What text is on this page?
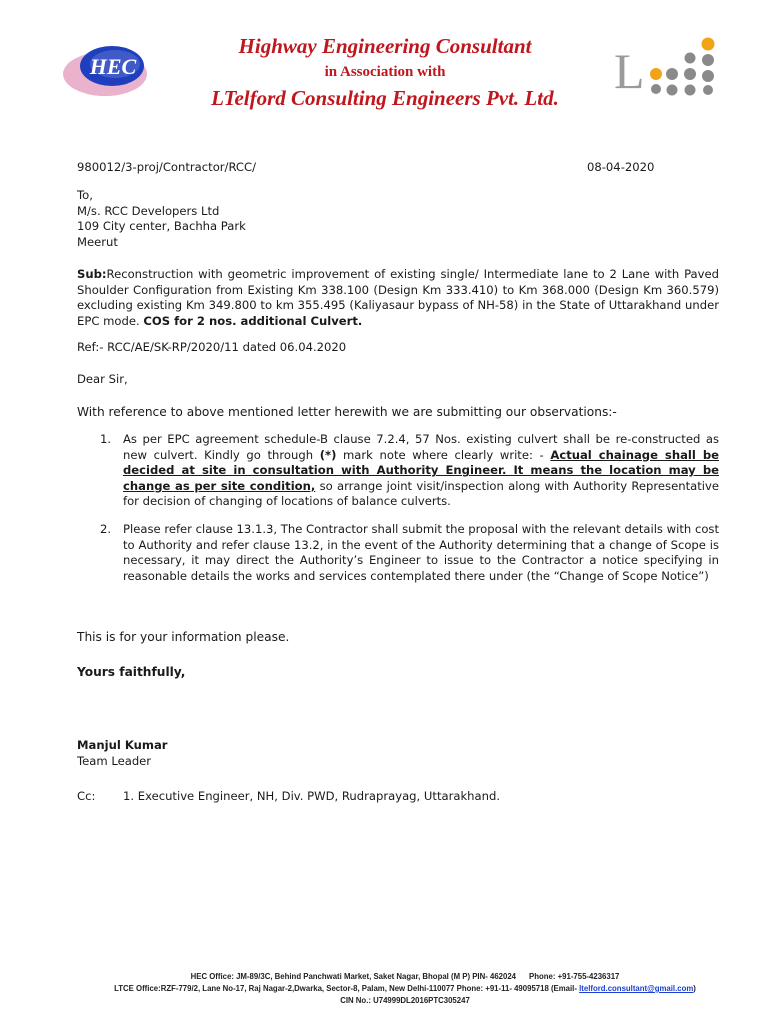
HEC
Highway Engineering Consultant
in Association with
LTelford Consulting Engineers Pvt. Ltd.	L
980012/3-proj/Contractor/RCC/	08-04-2020
To,
M/s. RCC Developers Ltd
109 City center, Bachha Park
Meerut
Sub:Reconstruction with geometric improvement of existing single/ Intermediate lane to 2 Lane with Paved Shoulder Configuration from Existing Km 338.100 (Design Km 333.410) to Km 368.000 (Design Km 360.579) excluding existing Km 349.800 to km 355.495 (Kaliyasaur bypass of NH-58) in the State of Uttarakhand under EPC mode. COS for 2 nos. additional Culvert.
Ref:- RCC/AE/SK-RP/2020/11 dated 06.04.2020
Dear Sir,
With reference to above mentioned letter herewith we are submitting our observations:-
1. As per EPC agreement schedule-B clause 7.2.4, 57 Nos. existing culvert shall be re-constructed as new culvert. Kindly go through (*) mark note where clearly write: - Actual chainage shall be decided at site in consultation with Authority Engineer. It means the location may be change as per site condition, so arrange joint visit/inspection along with Authority Representative for decision of changing of locations of balance culverts.
2. Please refer clause 13.1.3, The Contractor shall submit the proposal with the relevant details with cost to Authority and refer clause 13.2, in the event of the Authority determining that a change of Scope is necessary, it may direct the Authority’s Engineer to issue to the Contractor a notice specifying in reasonable details the works and services contemplated there under (the “Change of Scope Notice”)
This is for your information please.
Yours faithfully,
Manjul Kumar
Team Leader
Cc: 1. Executive Engineer, NH, Div. PWD, Rudraprayag, Uttarakhand.
HEC Office: JM-89/3C, Behind Panchwati Market, Saket Nagar, Bhopal (M P) PIN- 462024      Phone: +91-755-4236317
LTCE Office:RZF-779/2, Lane No-17, Raj Nagar-2,Dwarka, Sector-8, Palam, New Delhi-110077 Phone: +91-11- 49095718 (Email- ltelford.consultant@gmail.com)
CIN No.: U74999DL2016PTC305247
